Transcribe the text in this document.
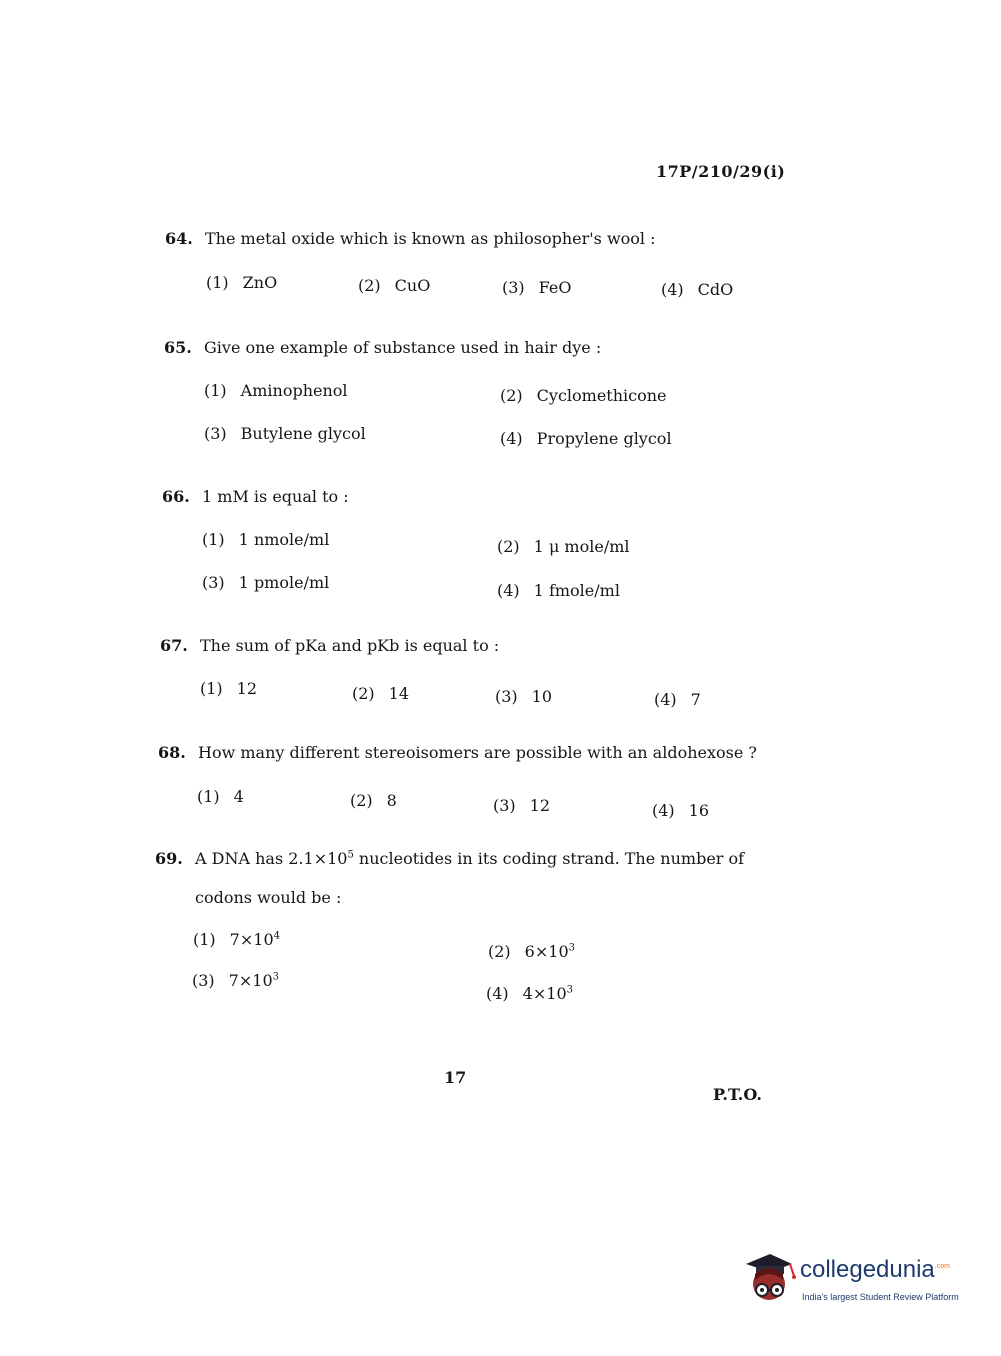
17P/210/29(i)
64. The metal oxide which is known as philosopher's wool :
(1) ZnO	(2) CuO	(3) FeO	(4) CdO
65. Give one example of substance used in hair dye :
(1) Aminophenol	(2) Cyclomethicone
(3) Butylene glycol	(4) Propylene glycol
66. 1 mM is equal to :
(1) 1 nmole/ml	(2) 1 μ mole/ml
(3) 1 pmole/ml	(4) 1 fmole/ml
67. The sum of pKa and pKb is equal to :
(1) 12	(2) 14	(3) 10	(4) 7
68. How many different stereoisomers are possible with an aldohexose ?
(1) 4	(2) 8	(3) 12	(4) 16
69. A DNA has $2.1\times 10^5$ nucleotides in its coding strand. The number of
codons would be :
(1) $7\times 10^4$
(2) $6\times 10^3$
(3) $7\times 10^3$
(4) $4\times 10^3$
17
P.T.O.
collegedunia$^{.com}$
India's largest Student Review Platform
